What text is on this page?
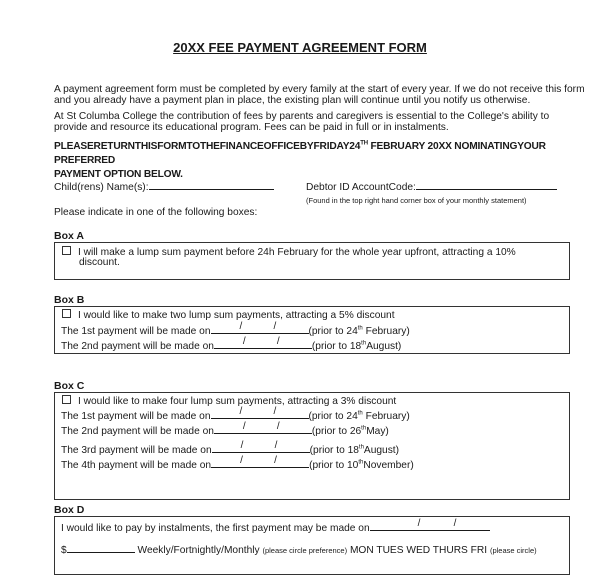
20XX FEE PAYMENT AGREEMENT FORM
A payment agreement form must be completed by every family at the start of every year. If we do not receive this form
and you already have a payment plan in place, the existing plan will continue until you notify us otherwise.
At St Columba College the contribution of fees by parents and caregivers is essential to the College's ability to
provide and resource its educational program. Fees can be paid in full or in instalments.
PLEASERETURNTHISFORMTOTHEFINANCEOFFICEBYFRIDAY24TH FEBRUARY 20XX NOMINATINGYOUR PREFERRED
PAYMENT OPTION BELOW.
Child(rens) Name(s):	Debtor ID AccountCode:
(Found in the top right hand corner box of your monthly statement)
Please indicate in one of the following boxes:
Box A
I will make a lump sum payment before 24h February for the whole year upfront, attracting a 10%
discount.
Box B
I would like to make two lump sum payments, attracting a 5% discount
The 1st payment will be made on	/	/	(prior to 24th February)
The 2nd payment will be made on	/	/	(prior to 18thAugust)
Box C
I would like to make four lump sum payments, attracting a 3% discount
The 1st payment will be made on	/	/	(prior to 24th February)
The 2nd payment will be made on	/	/	(prior to 26thMay)
The 3rd payment will be made on	/	/	(prior to 18thAugust)
The 4th payment will be made on	/	/	(prior to 10thNovember)
Box D
I would like to pay by instalments, the first payment may be made on	/	/
$	Weekly/Fortnightly/Monthly (please circle preference) MON TUES WED THURS FRI (please circle)
